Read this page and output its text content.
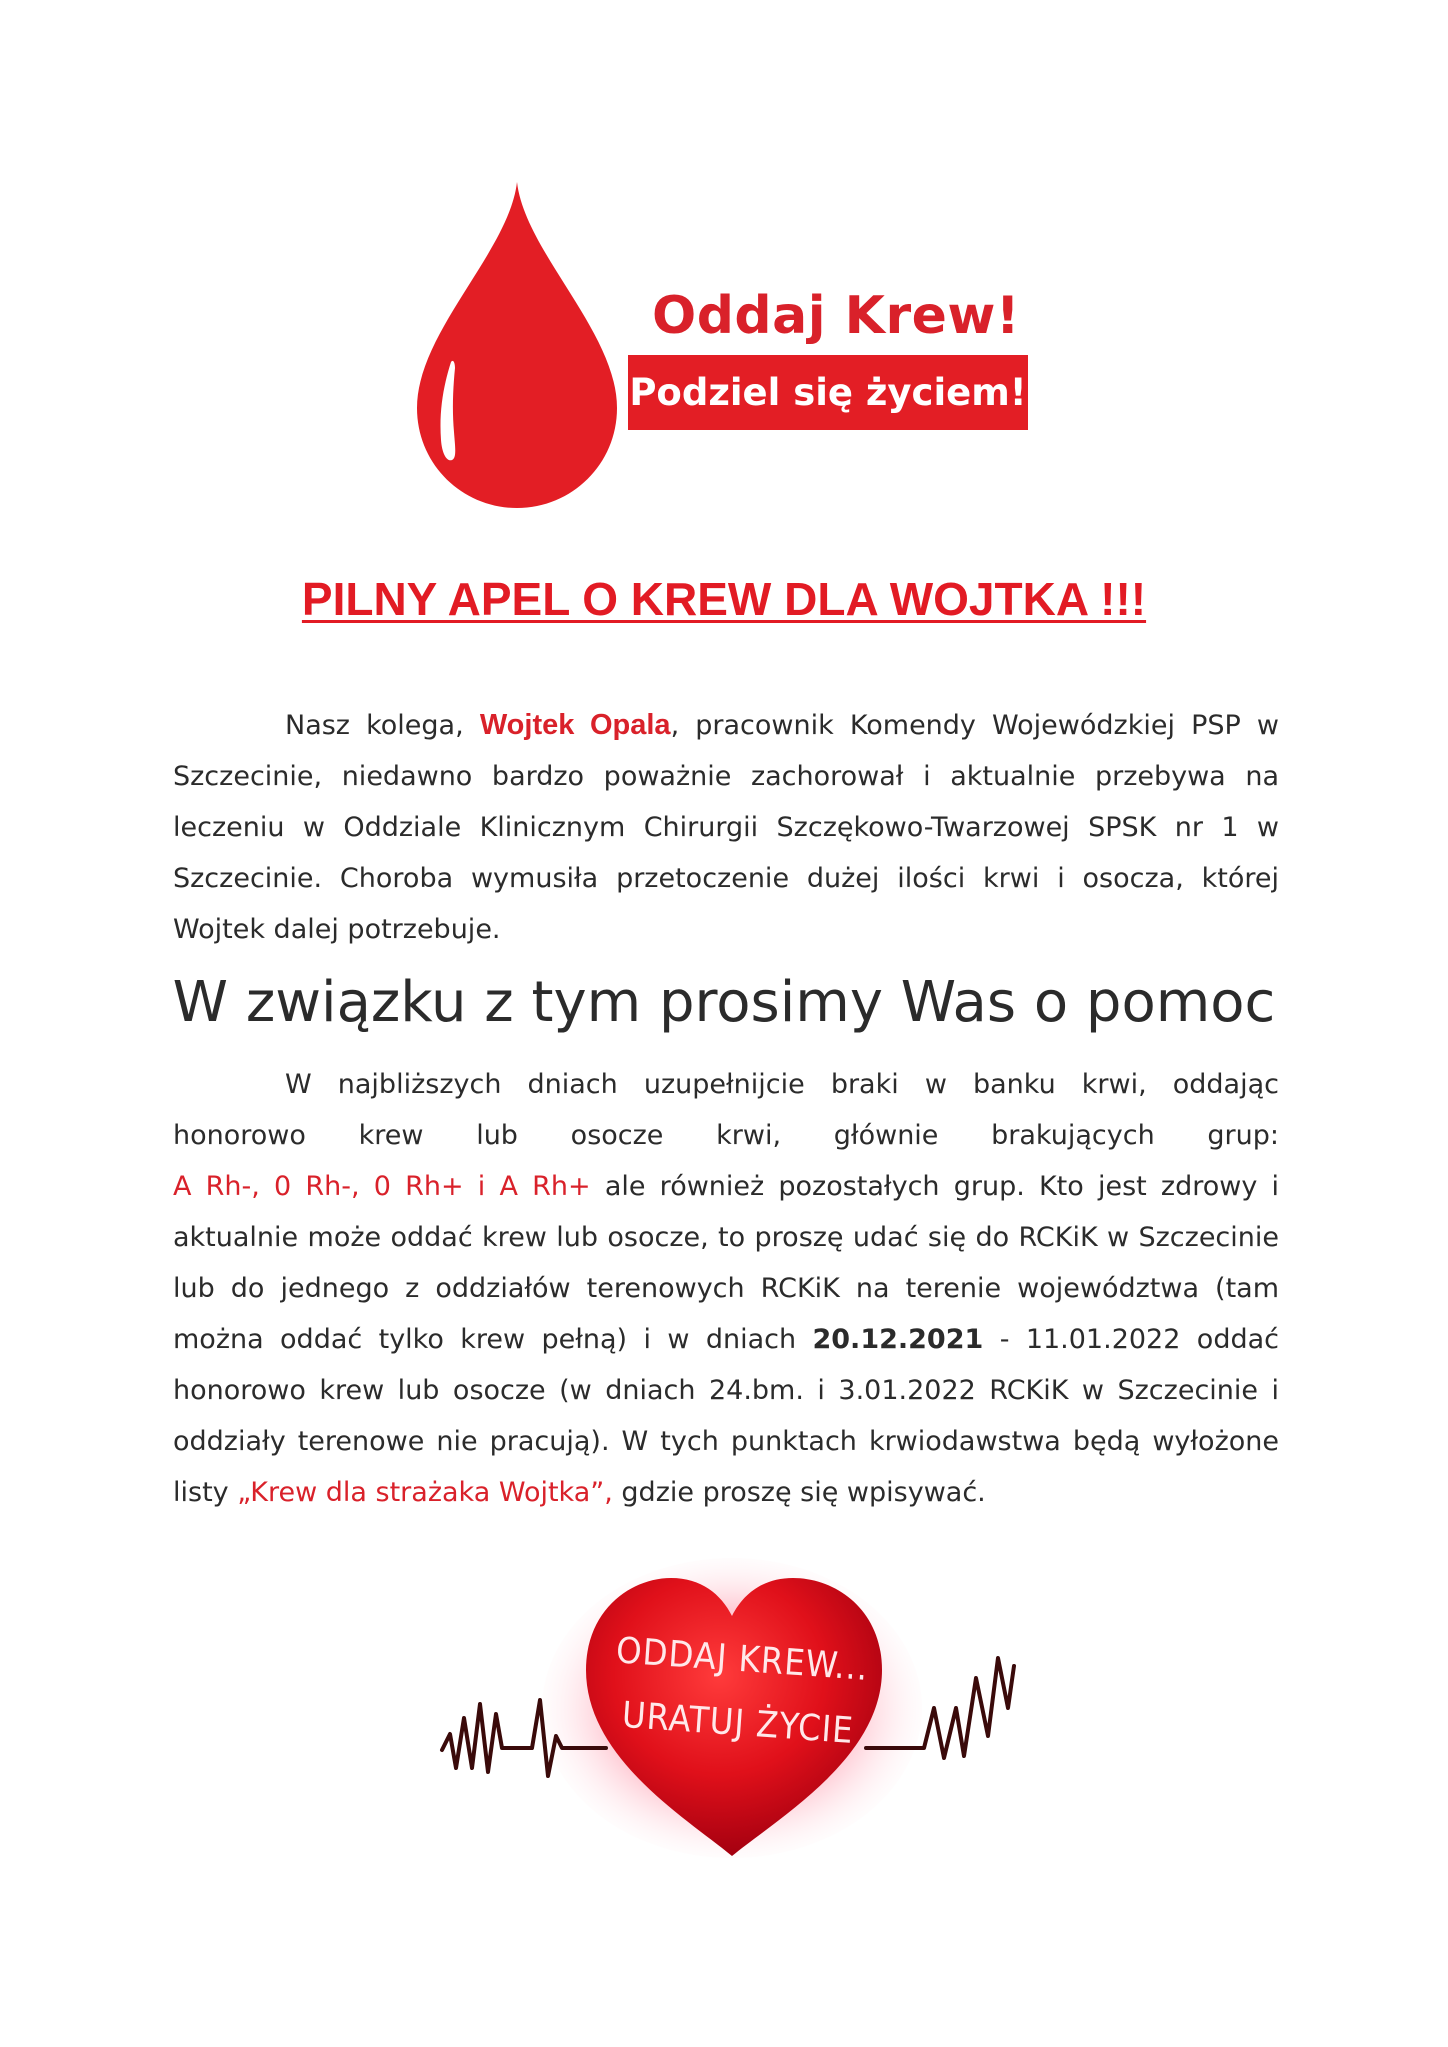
Oddaj Krew!
Podziel się życiem!
PILNY APEL O KREW DLA WOJTKA !!!
Nasz kolega, Wojtek Opala, pracownik Komendy Wojewódzkiej PSP w Szczecinie, niedawno bardzo poważnie zachorował i aktualnie przebywa na leczeniu w Oddziale Klinicznym Chirurgii Szczękowo-Twarzowej SPSK nr 1 w Szczecinie. Choroba wymusiła przetoczenie dużej ilości krwi i osocza, której Wojtek dalej potrzebuje.
W związku z tym prosimy Was o pomoc
W najbliższych dniach uzupełnijcie braki w banku krwi, oddając honorowo krew lub osocze krwi, głównie brakujących grup: A Rh-, 0 Rh-, 0 Rh+ i A Rh+ ale również pozostałych grup. Kto jest zdrowy i aktualnie może oddać krew lub osocze, to proszę udać się do RCKiK w Szczecinie lub do jednego z oddziałów terenowych RCKiK na terenie województwa (tam można oddać tylko krew pełną) i w dniach 20.12.2021 - 11.01.2022 oddać honorowo krew lub osocze (w dniach 24.bm. i 3.01.2022 RCKiK w Szczecinie i oddziały terenowe nie pracują). W tych punktach krwiodawstwa będą wyłożone listy „Krew dla strażaka Wojtka”, gdzie proszę się wpisywać.
ODDAJ KREW...
URATUJ ŻYCIE
